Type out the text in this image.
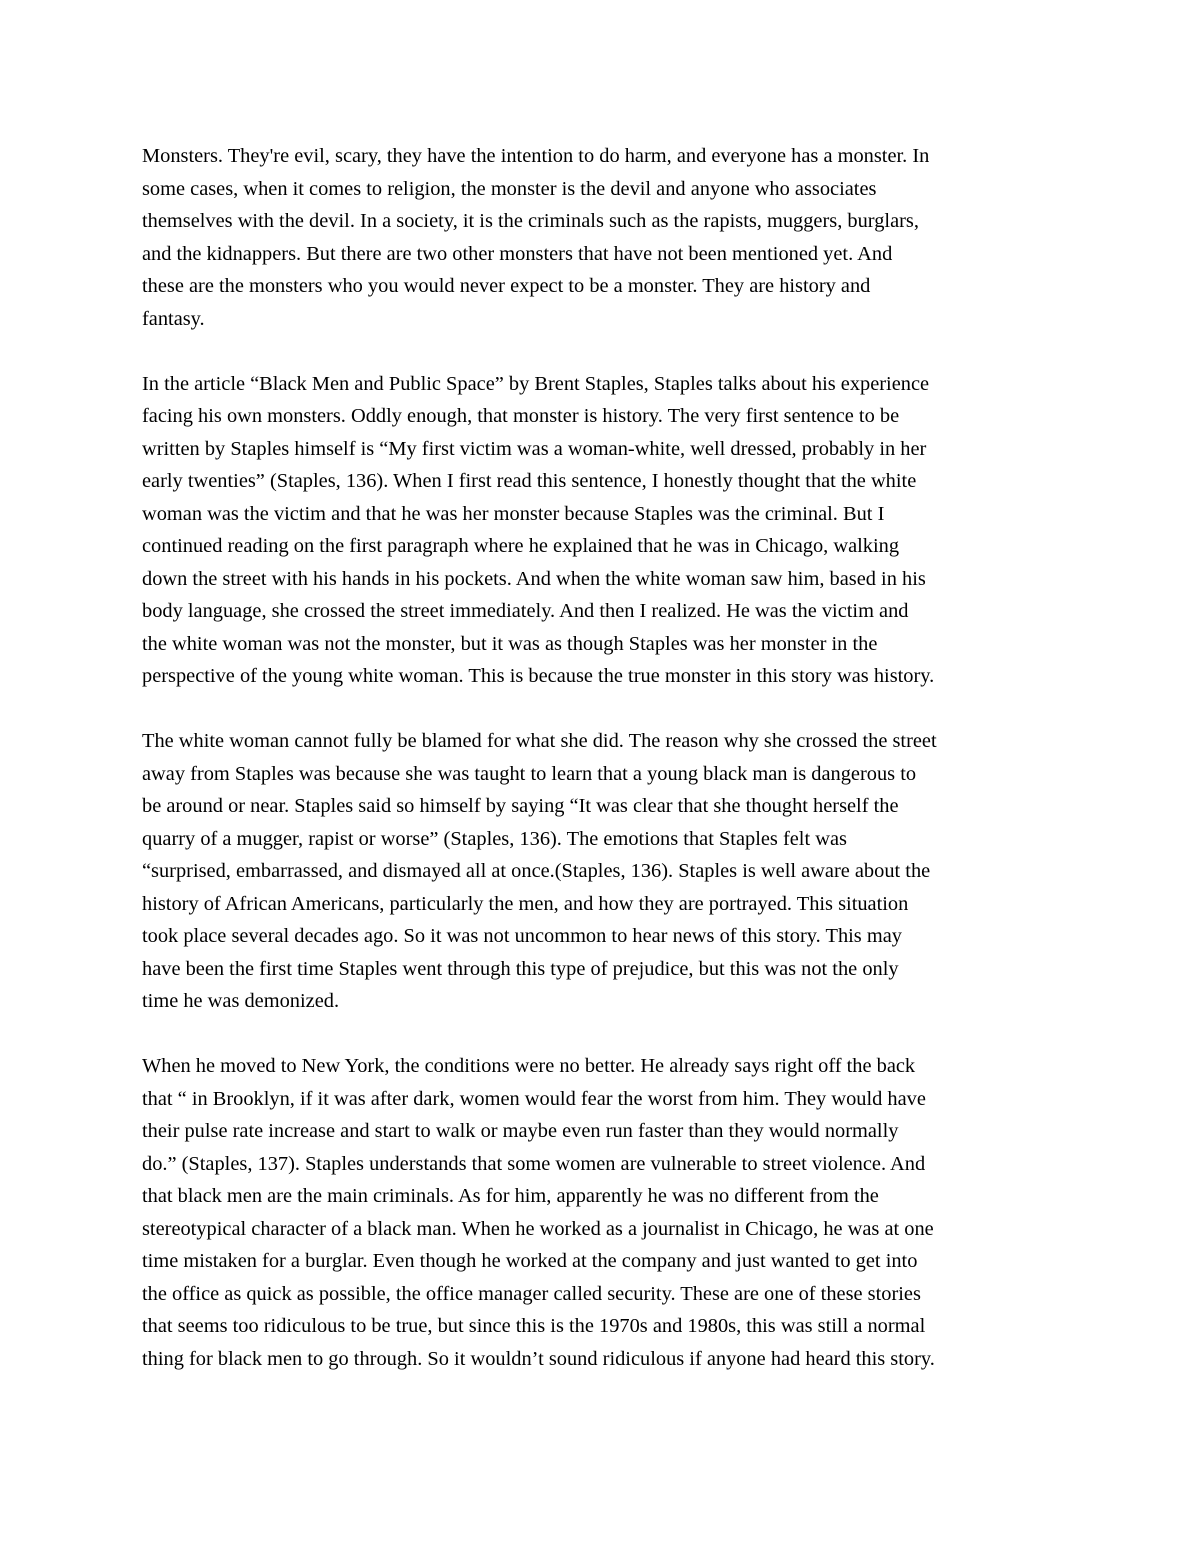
Monsters. They're evil, scary, they have the intention to do harm, and everyone has a monster. In
some cases, when it comes to religion, the monster is the devil and anyone who associates
themselves with the devil. In a society, it is the criminals such as the rapists, muggers, burglars,
and the kidnappers. But there are two other monsters that have not been mentioned yet. And
these are the monsters who you would never expect to be a monster. They are history and
fantasy.

In the article “Black Men and Public Space” by Brent Staples, Staples talks about his experience
facing his own monsters. Oddly enough, that monster is history. The very first sentence to be
written by Staples himself is “My first victim was a woman-white, well dressed, probably in her
early twenties” (Staples, 136). When I first read this sentence, I honestly thought that the white
woman was the victim and that he was her monster because Staples was the criminal. But I
continued reading on the first paragraph where he explained that he was in Chicago, walking
down the street with his hands in his pockets. And when the white woman saw him, based in his
body language, she crossed the street immediately. And then I realized. He was the victim and
the white woman was not the monster, but it was as though Staples was her monster in the
perspective of the young white woman. This is because the true monster in this story was history.

The white woman cannot fully be blamed for what she did. The reason why she crossed the street
away from Staples was because she was taught to learn that a young black man is dangerous to
be around or near. Staples said so himself by saying “It was clear that she thought herself the
quarry of a mugger, rapist or worse” (Staples, 136). The emotions that Staples felt was
“surprised, embarrassed, and dismayed all at once.(Staples, 136). Staples is well aware about the
history of African Americans, particularly the men, and how they are portrayed. This situation
took place several decades ago. So it was not uncommon to hear news of this story. This may
have been the first time Staples went through this type of prejudice, but this was not the only
time he was demonized.

When he moved to New York, the conditions were no better. He already says right off the back
that “ in Brooklyn, if it was after dark, women would fear the worst from him. They would have
their pulse rate increase and start to walk or maybe even run faster than they would normally
do.” (Staples, 137). Staples understands that some women are vulnerable to street violence. And
that black men are the main criminals. As for him, apparently he was no different from the
stereotypical character of a black man. When he worked as a journalist in Chicago, he was at one
time mistaken for a burglar. Even though he worked at the company and just wanted to get into
the office as quick as possible, the office manager called security. These are one of these stories
that seems too ridiculous to be true, but since this is the 1970s and 1980s, this was still a normal
thing for black men to go through. So it wouldn’t sound ridiculous if anyone had heard this story.
